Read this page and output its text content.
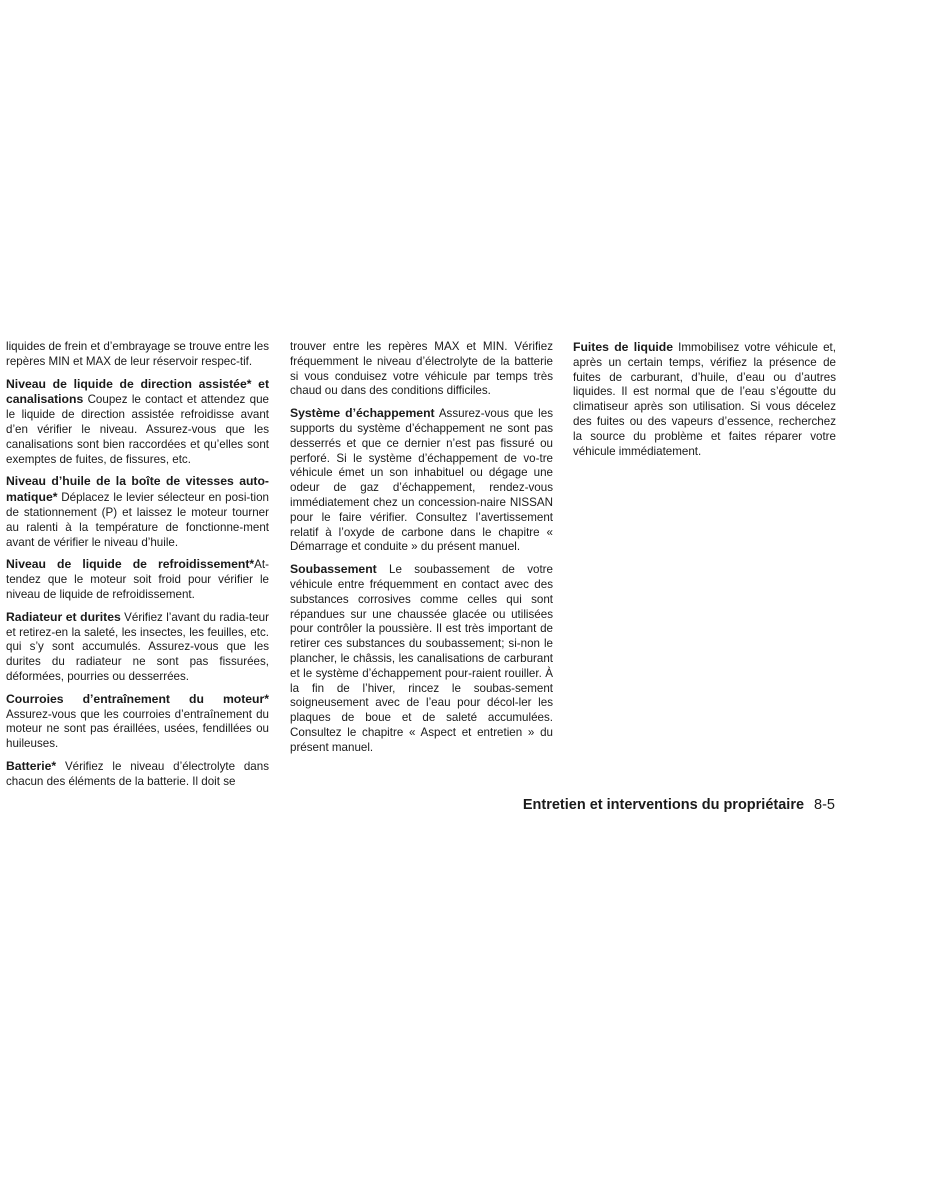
liquides de frein et d’embrayage se trouve entre les repères MIN et MAX de leur réservoir respec-tif.

Niveau de liquide de direction assistée* et canalisations Coupez le contact et attendez que le liquide de direction assistée refroidisse avant d’en vérifier le niveau. Assurez-vous que les canalisations sont bien raccordées et qu’elles sont exemptes de fuites, de fissures, etc.

Niveau d’huile de la boîte de vitesses auto-matique* Déplacez le levier sélecteur en posi-tion de stationnement (P) et laissez le moteur tourner au ralenti à la température de fonctionne-ment avant de vérifier le niveau d’huile.

Niveau de liquide de refroidissement*At-tendez que le moteur soit froid pour vérifier le niveau de liquide de refroidissement.

Radiateur et durites Vérifiez l’avant du radia-teur et retirez-en la saleté, les insectes, les feuilles, etc. qui s’y sont accumulés. Assurez-vous que les durites du radiateur ne sont pas fissurées, déformées, pourries ou desserrées.

Courroies d’entraînement du moteur* Assurez-vous que les courroies d’entraînement du moteur ne sont pas éraillées, usées, fendillées ou huileuses.

Batterie* Vérifiez le niveau d’électrolyte dans chacun des éléments de la batterie. Il doit se

trouver entre les repères MAX et MIN. Vérifiez fréquemment le niveau d’électrolyte de la batterie si vous conduisez votre véhicule par temps très chaud ou dans des conditions difficiles.

Système d’échappement Assurez-vous que les supports du système d’échappement ne sont pas desserrés et que ce dernier n’est pas fissuré ou perforé. Si le système d’échappement de vo-tre véhicule émet un son inhabituel ou dégage une odeur de gaz d’échappement, rendez-vous immédiatement chez un concession-naire NISSAN pour le faire vérifier. Consultez l’avertissement relatif à l’oxyde de carbone dans le chapitre « Démarrage et conduite » du présent manuel.

Soubassement Le soubassement de votre véhicule entre fréquemment en contact avec des substances corrosives comme celles qui sont répandues sur une chaussée glacée ou utilisées pour contrôler la poussière. Il est très important de retirer ces substances du soubassement; si-non le plancher, le châssis, les canalisations de carburant et le système d’échappement pour-raient rouiller. À la fin de l’hiver, rincez le soubas-sement soigneusement avec de l’eau pour décol-ler les plaques de boue et de saleté accumulées. Consultez le chapitre « Aspect et entretien » du présent manuel.

Fuites de liquide Immobilisez votre véhicule et, après un certain temps, vérifiez la présence de fuites de carburant, d’huile, d’eau ou d’autres liquides. Il est normal que de l’eau s’égoutte du climatiseur après son utilisation. Si vous décelez des fuites ou des vapeurs d’essence, recherchez la source du problème et faites réparer votre véhicule immédiatement.

Entretien et interventions du propriétaire 8-5
